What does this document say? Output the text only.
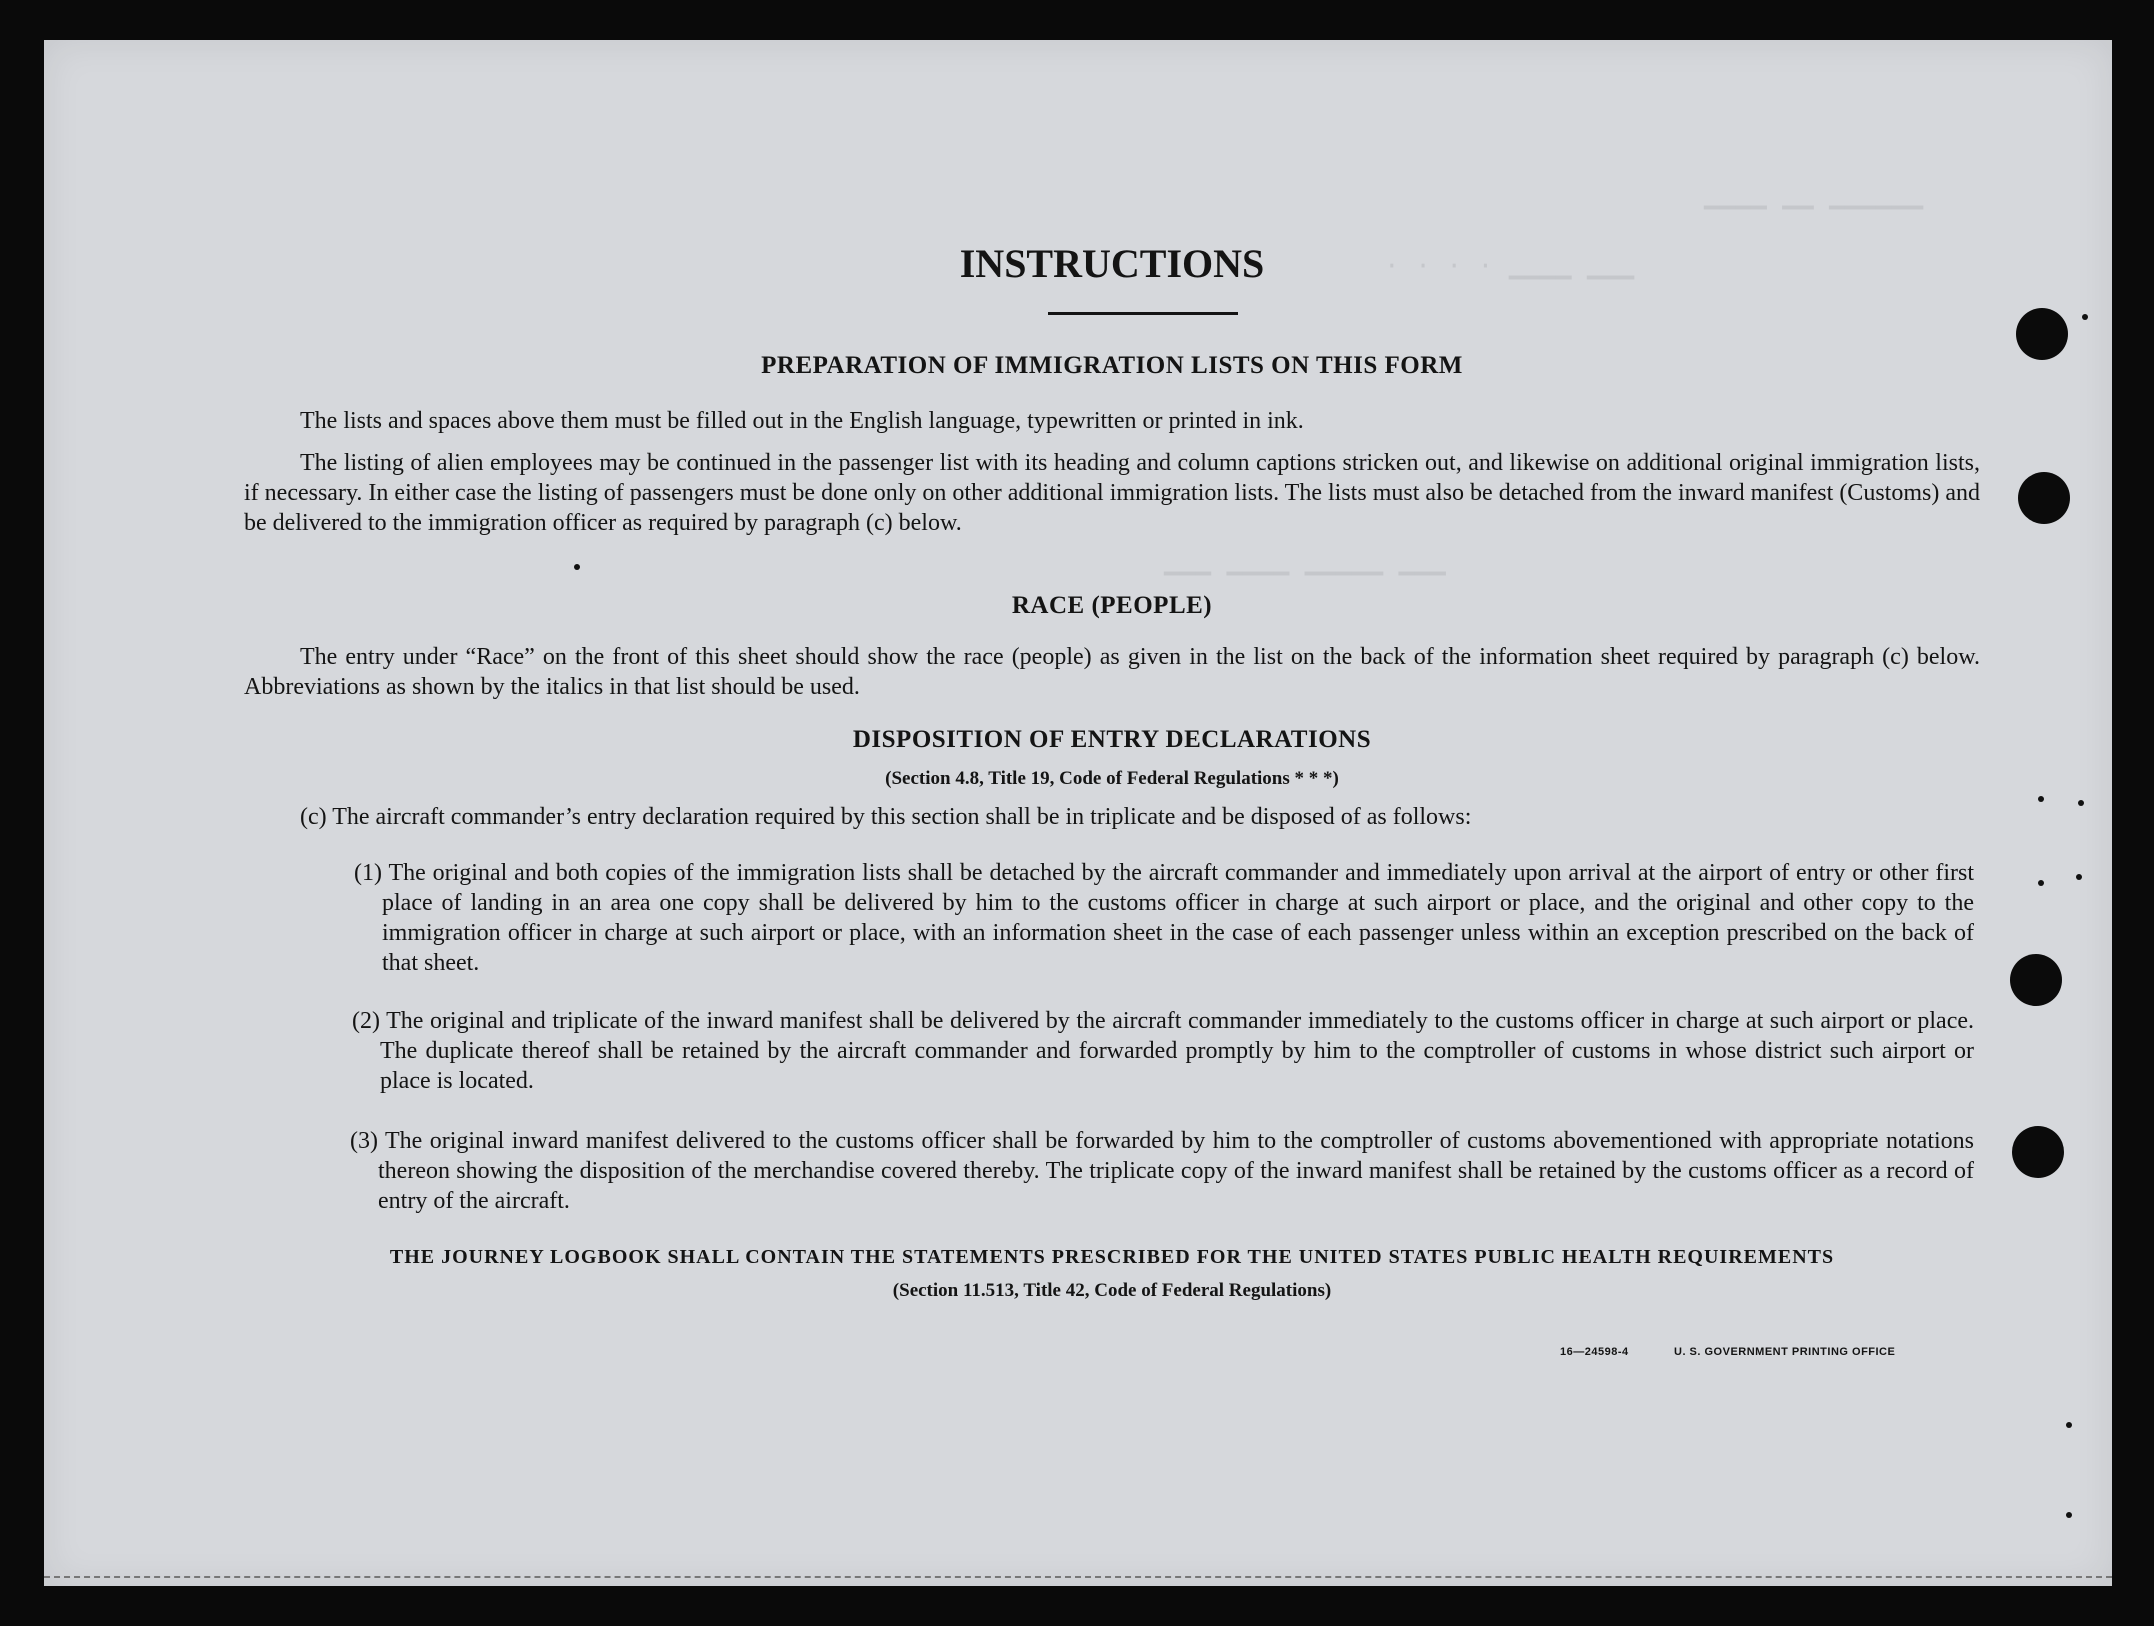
▁▁▁▁ ▁▁ ▁▁▁▁▁▁
· · · · ▁▁▁▁ ▁▁▁
▁▁▁ ▁▁▁▁ ▁▁▁▁▁ ▁▁▁
INSTRUCTIONS
PREPARATION OF IMMIGRATION LISTS ON THIS FORM

The lists and spaces above them must be filled out in the English language, typewritten or printed in ink.

The listing of alien employees may be continued in the passenger list with its heading and column captions stricken out, and likewise on additional original immigration lists, if necessary. In either case the listing of passengers must be done only on other additional immigration lists. The lists must also be detached from the inward manifest (Customs) and be delivered to the immigration officer as required by paragraph (c) below.

RACE (PEOPLE)

The entry under “Race” on the front of this sheet should show the race (people) as given in the list on the back of the information sheet required by paragraph (c) below. Abbreviations as shown by the italics in that list should be used.

DISPOSITION OF ENTRY DECLARATIONS
(Section 4.8, Title 19, Code of Federal Regulations * * *)

(c) The aircraft commander’s entry declaration required by this section shall be in triplicate and be disposed of as follows:

(1) The original and both copies of the immigration lists shall be detached by the aircraft commander and immediately upon arrival at the airport of entry or other first place of landing in an area one copy shall be delivered by him to the customs officer in charge at such airport or place, and the original and other copy to the immigration officer in charge at such airport or place, with an information sheet in the case of each passenger unless within an exception prescribed on the back of that sheet.

(2) The original and triplicate of the inward manifest shall be delivered by the aircraft commander immediately to the customs officer in charge at such airport or place. The duplicate thereof shall be retained by the aircraft commander and forwarded promptly by him to the comptroller of customs in whose district such airport or place is located.

(3) The original inward manifest delivered to the customs officer shall be forwarded by him to the comptroller of customs abovementioned with appropriate notations thereon showing the disposition of the merchandise covered thereby. The triplicate copy of the inward manifest shall be retained by the customs officer as a record of entry of the aircraft.

THE JOURNEY LOGBOOK SHALL CONTAIN THE STATEMENTS PRESCRIBED FOR THE UNITED STATES PUBLIC HEALTH REQUIREMENTS
(Section 11.513, Title 42, Code of Federal Regulations)
16—24598-4	U. S. GOVERNMENT PRINTING OFFICE
